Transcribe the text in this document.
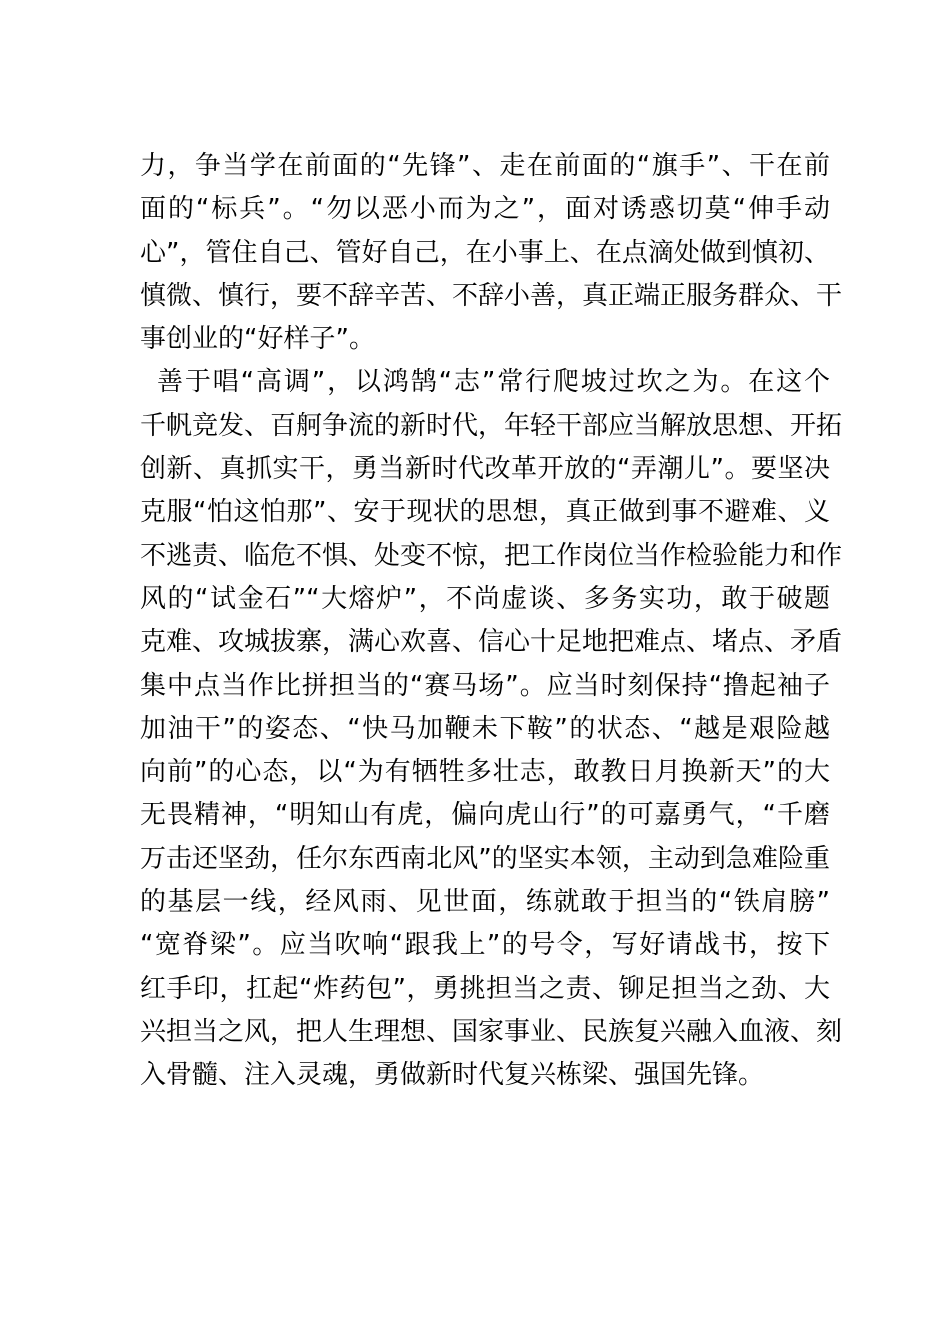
力，争当学在前面的“先锋”、走在前面的“旗手”、干在前
面的“标兵”。“勿以恶小而为之”，面对诱惑切莫“伸手动
心”，管住自己、管好自己，在小事上、在点滴处做到慎初、
慎微、慎行，要不辞辛苦、不辞小善，真正端正服务群众、干
事创业的“好样子”。
善于唱“高调”，以鸿鹄“志”常行爬坡过坎之为。在这个
千帆竞发、百舸争流的新时代，年轻干部应当解放思想、开拓
创新、真抓实干，勇当新时代改革开放的“弄潮儿”。要坚决
克服“怕这怕那”、安于现状的思想，真正做到事不避难、义
不逃责、临危不惧、处变不惊，把工作岗位当作检验能力和作
风的“试金石”“大熔炉”，不尚虚谈、多务实功，敢于破题
克难、攻城拔寨，满心欢喜、信心十足地把难点、堵点、矛盾
集中点当作比拼担当的“赛马场”。应当时刻保持“撸起袖子
加油干”的姿态、“快马加鞭未下鞍”的状态、“越是艰险越
向前”的心态，以“为有牺牲多壮志，敢教日月换新天”的大
无畏精神，“明知山有虎，偏向虎山行”的可嘉勇气，“千磨
万击还坚劲，任尔东西南北风”的坚实本领，主动到急难险重
的基层一线，经风雨、见世面，练就敢于担当的“铁肩膀”
“宽脊梁”。应当吹响“跟我上”的号令，写好请战书，按下
红手印，扛起“炸药包”，勇挑担当之责、铆足担当之劲、大
兴担当之风，把人生理想、国家事业、民族复兴融入血液、刻
入骨髓、注入灵魂，勇做新时代复兴栋梁、强国先锋。
